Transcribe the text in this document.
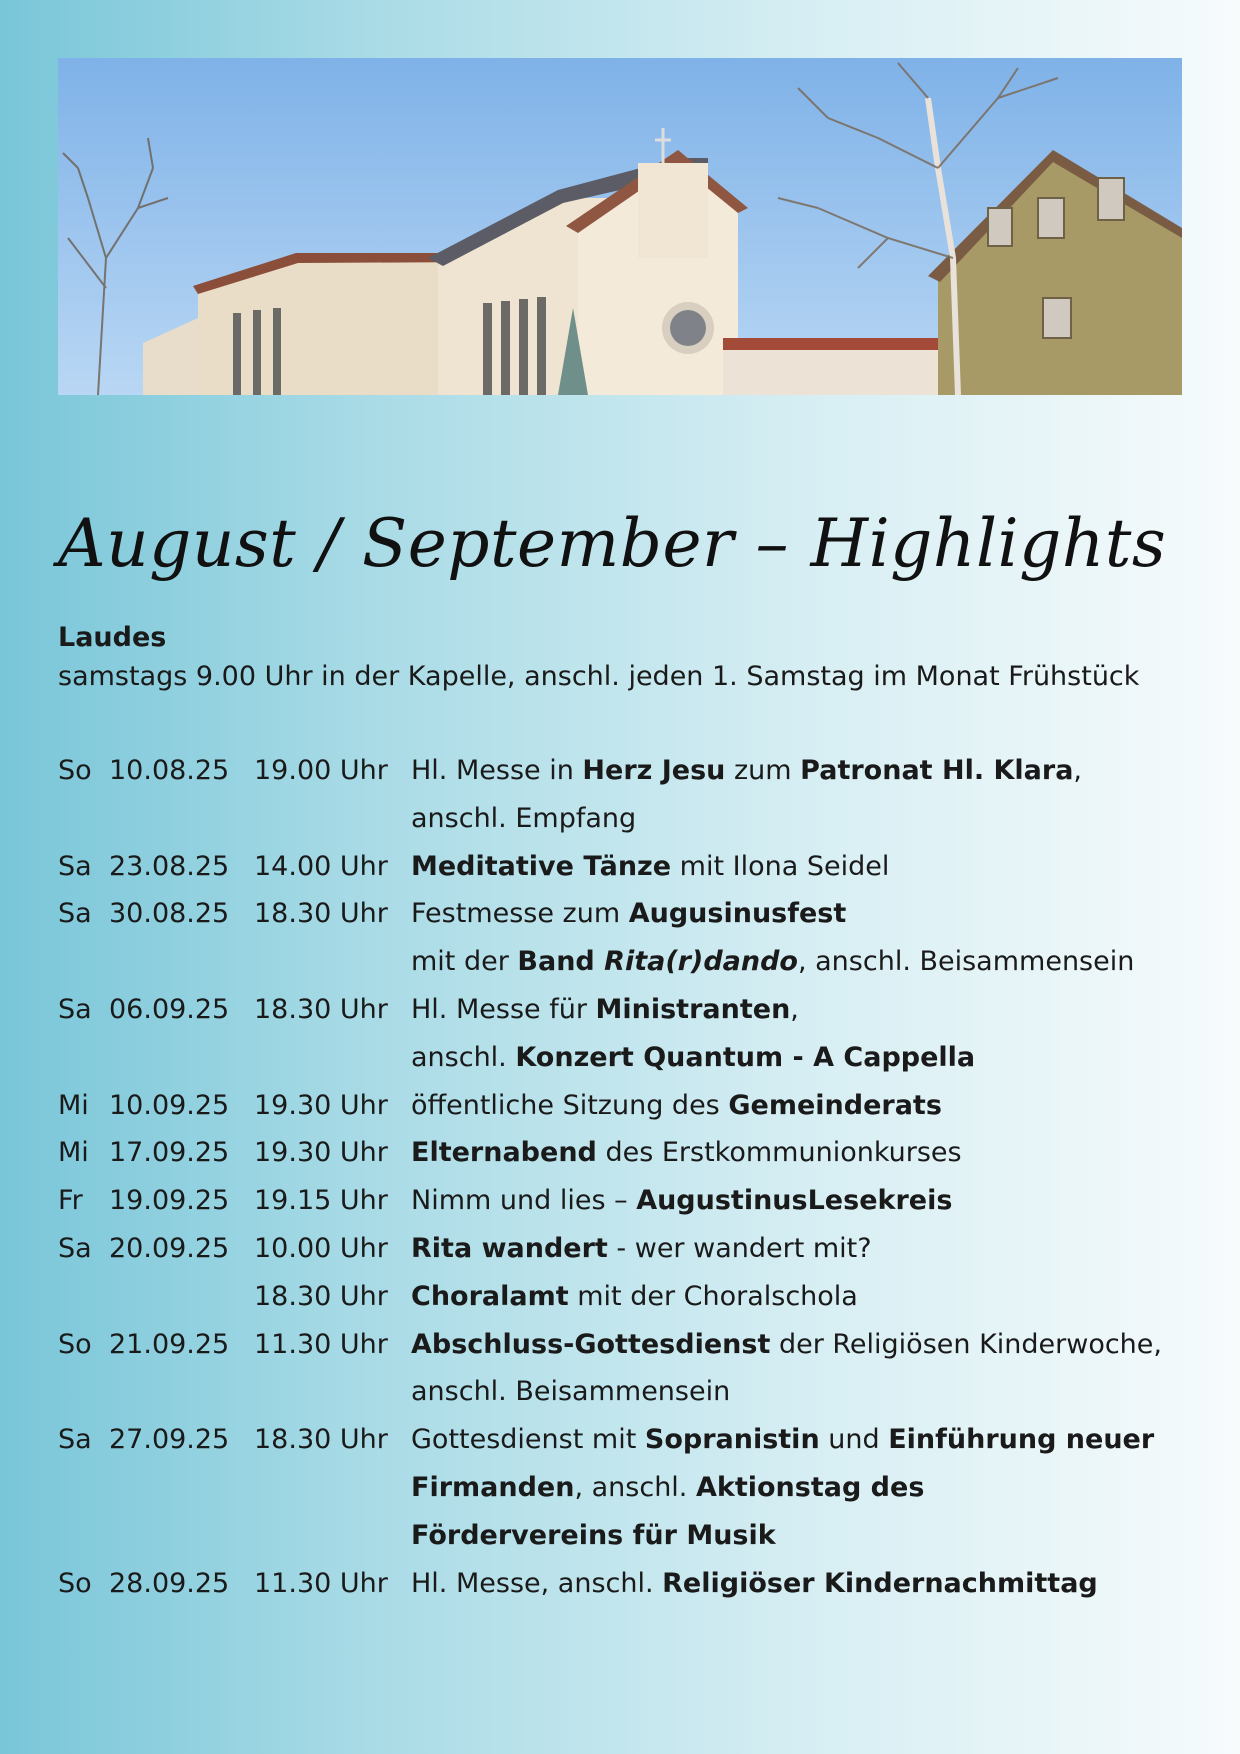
August / September – Highlights
Laudes
samstags 9.00 Uhr in der Kapelle, anschl. jeden 1. Samstag im Monat Frühstück
So 10.08.25 19.00 Uhr Hl. Messe in Herz Jesu zum Patronat Hl. Klara,
anschl. Empfang
Sa 23.08.25 14.00 Uhr Meditative Tänze mit Ilona Seidel
Sa 30.08.25 18.30 Uhr Festmesse zum Augusinusfest
mit der Band Rita(r)dando, anschl. Beisammensein
Sa 06.09.25 18.30 Uhr Hl. Messe für Ministranten,
anschl. Konzert Quantum - A Cappella
Mi 10.09.25 19.30 Uhr öffentliche Sitzung des Gemeinderats
Mi 17.09.25 19.30 Uhr Elternabend des Erstkommunionkurses
Fr 19.09.25 19.15 Uhr Nimm und lies – AugustinusLesekreis
Sa 20.09.25 10.00 Uhr Rita wandert - wer wandert mit?
18.30 Uhr Choralamt mit der Choralschola
So 21.09.25 11.30 Uhr Abschluss-Gottesdienst der Religiösen Kinderwoche,
anschl. Beisammensein
Sa 27.09.25 18.30 Uhr Gottesdienst mit Sopranistin und Einführung neuer
Firmanden, anschl. Aktionstag des
Fördervereins für Musik
So 28.09.25 11.30 Uhr Hl. Messe, anschl. Religiöser Kindernachmittag
